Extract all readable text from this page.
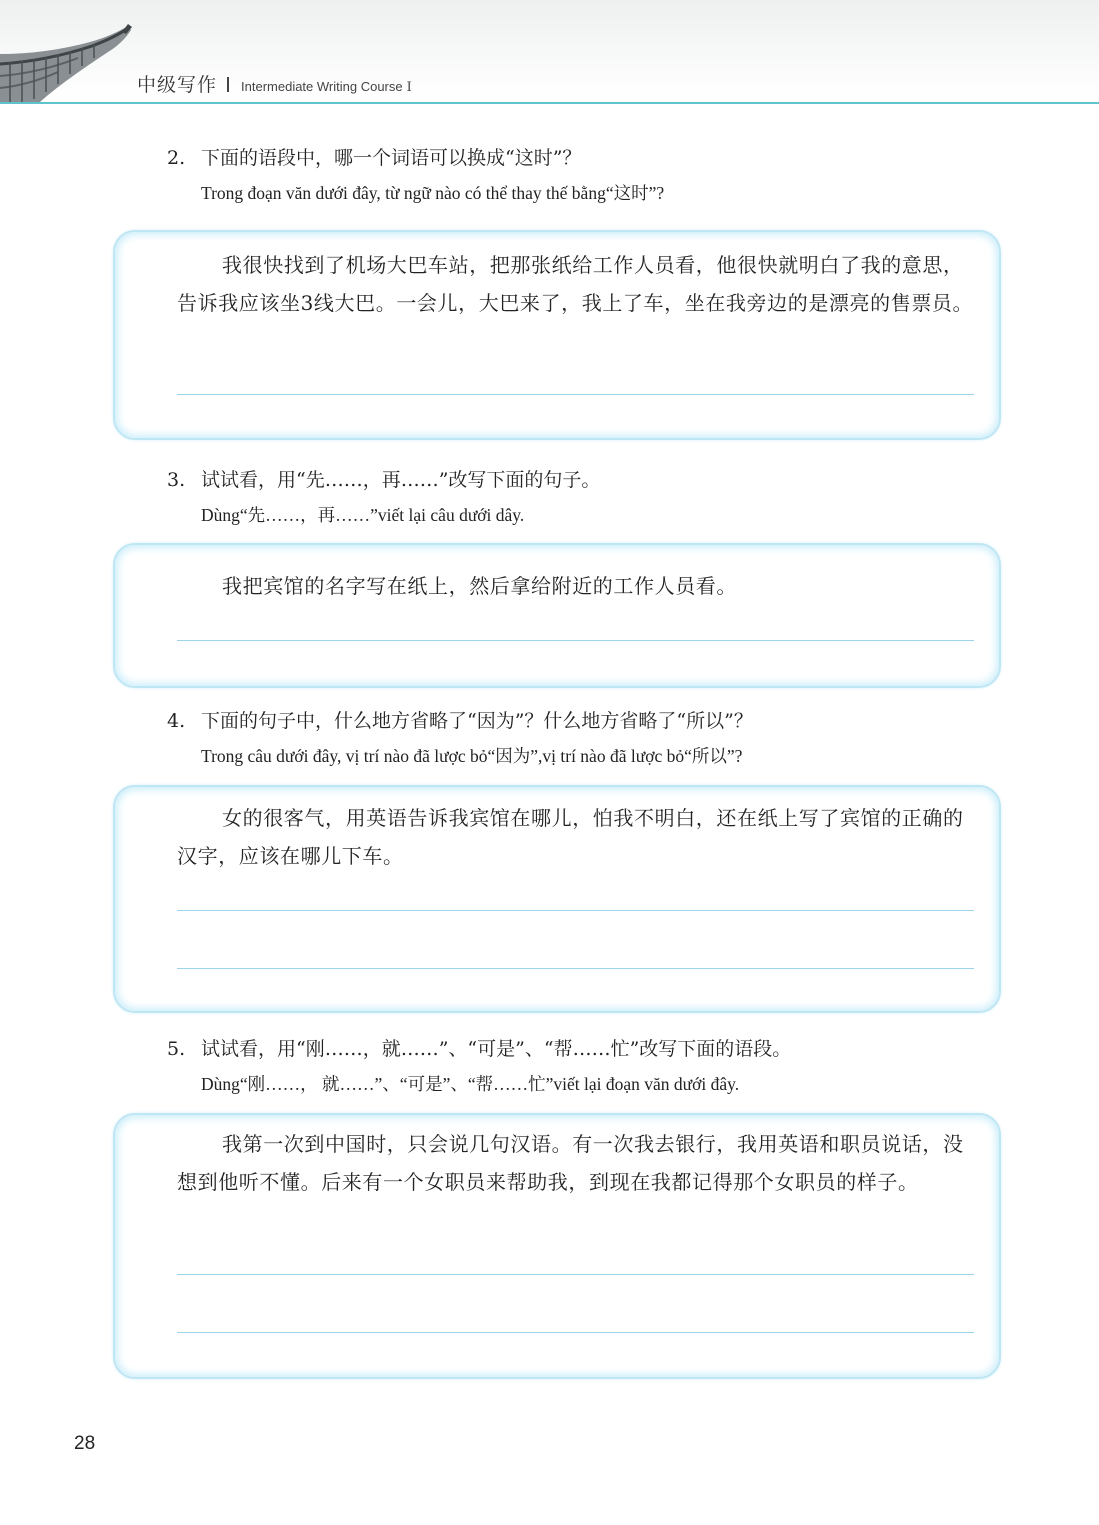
中级写作 Intermediate Writing Course Ⅰ
2. 下面的语段中，哪一个词语可以换成“这时”？
Trong đoạn văn dưới đây, từ ngữ nào có thể thay thế bằng“这时”?
我很快找到了机场大巴车站，把那张纸给工作人员看，他很快就明白了我的意思，告诉我应该坐3线大巴。一会儿，大巴来了，我上了车，坐在我旁边的是漂亮的售票员。
3. 试试看，用“先……，再……”改写下面的句子。
Dùng“先……，再……”viết lại câu dưới dây.
我把宾馆的名字写在纸上，然后拿给附近的工作人员看。
4. 下面的句子中，什么地方省略了“因为”？什么地方省略了“所以”？
Trong câu dưới đây, vị trí nào đã lược bỏ“因为”,vị trí nào đã lược bỏ“所以”?
女的很客气，用英语告诉我宾馆在哪儿，怕我不明白，还在纸上写了宾馆的正确的汉字，应该在哪儿下车。
5. 试试看，用“刚……，就……”、“可是”、“帮……忙”改写下面的语段。
Dùng“刚……， 就……”、“可是”、“帮……忙”viết lại đoạn văn dưới đây.
我第一次到中国时，只会说几句汉语。有一次我去银行，我用英语和职员说话，没想到他听不懂。后来有一个女职员来帮助我，到现在我都记得那个女职员的样子。
28
